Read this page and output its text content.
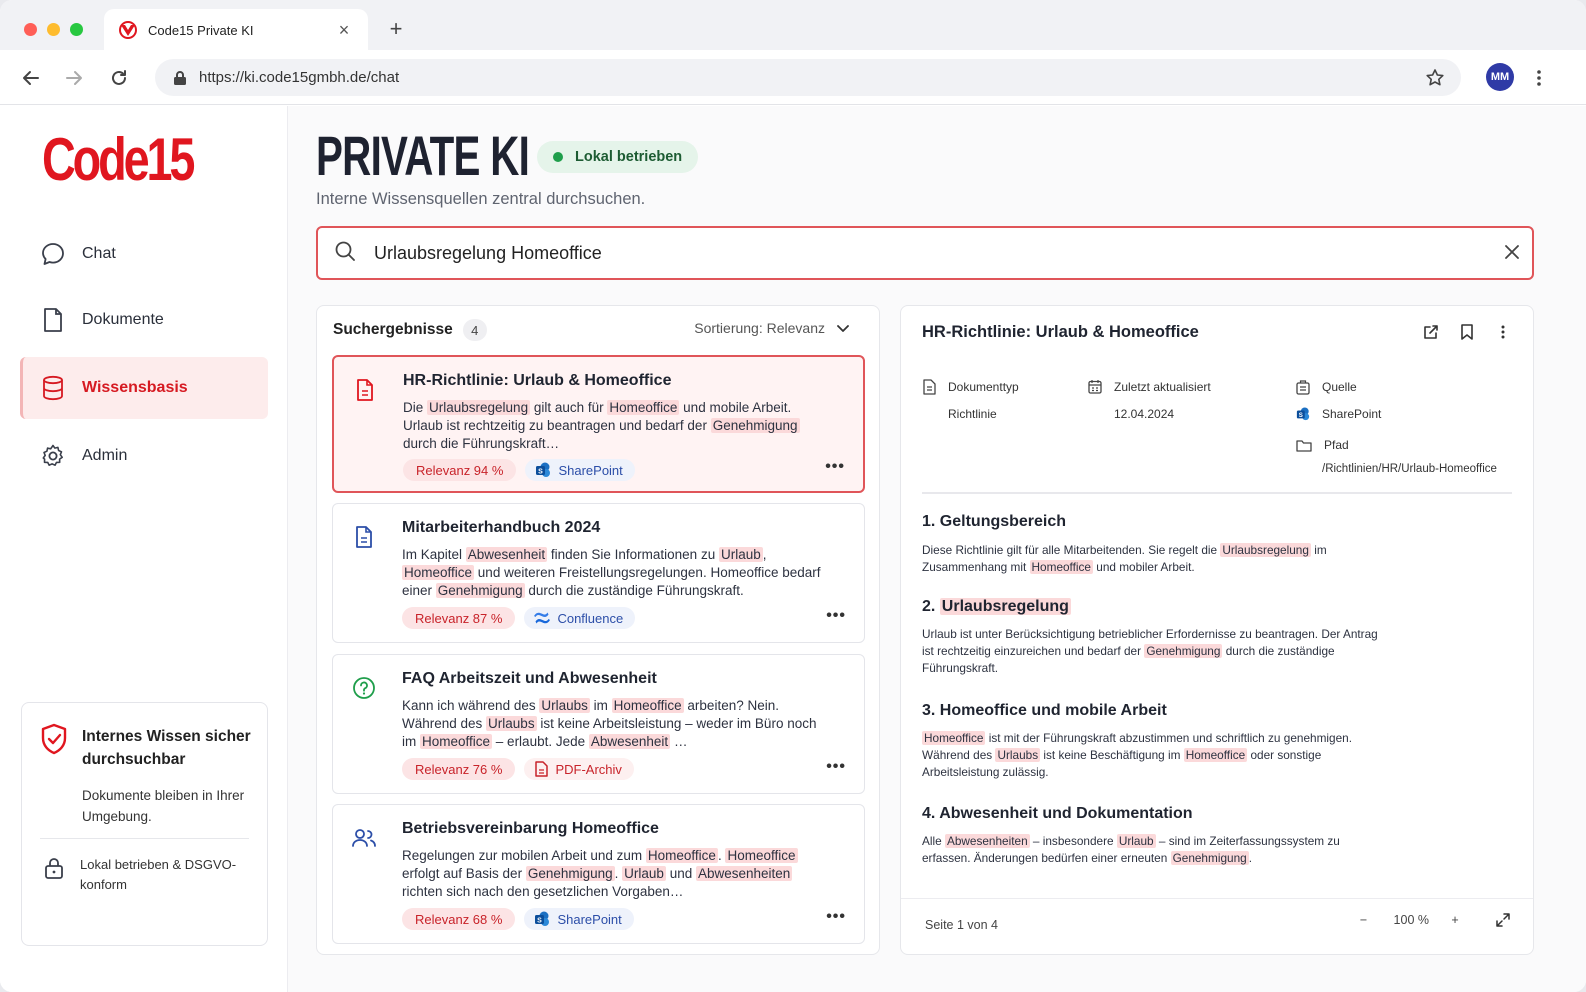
Code15 Private KI	× +
https://ki.code15gmbh.de/chat	MM
Code15
Chat
Dokumente
Wissensbasis
Admin
Internes Wissen sicher durchsuchbar
Dokumente bleiben in Ihrer Umgebung.
Lokal betrieben & DSGVO-konform
PRIVATE KI	Lokal betrieben
Interne Wissensquellen zentral durchsuchen.
Urlaubsregelung Homeoffice
Suchergebnisse	4	Sortierung: Relevanz
HR-Richtlinie: Urlaub & Homeoffice
Die Urlaubsregelung gilt auch für Homeoffice und mobile Arbeit. Urlaub ist rechtzeitig zu beantragen und bedarf der Genehmigung durch die Führungskraft…
Relevanz 94 %	S SharePoint	•••
Mitarbeiterhandbuch 2024
Im Kapitel Abwesenheit finden Sie Informationen zu Urlaub , Homeoffice und weiteren Freistellungsregelungen. Homeoffice bedarf einer Genehmigung durch die zuständige Führungskraft.
Relevanz 87 %	Confluence	•••
FAQ Arbeitszeit und Abwesenheit
Kann ich während des Urlaubs im Homeoffice arbeiten? Nein. Während des Urlaubs ist keine Arbeitsleistung – weder im Büro noch im Homeoffice – erlaubt. Jede Abwesenheit …
Relevanz 76 %	PDF-Archiv	•••
Betriebsvereinbarung Homeoffice
Regelungen zur mobilen Arbeit und zum Homeoffice . Homeoffice erfolgt auf Basis der Genehmigung . Urlaub und Abwesenheiten richten sich nach den gesetzlichen Vorgaben…
Relevanz 68 %	S SharePoint	•••
HR-Richtlinie: Urlaub & Homeoffice
Dokumenttyp
Richtlinie
Zuletzt aktualisiert
12.04.2024
Quelle
S SharePoint
Pfad
/Richtlinien/HR/Urlaub-Homeoffice
1. Geltungsbereich
Diese Richtlinie gilt für alle Mitarbeitenden. Sie regelt die Urlaubsregelung im Zusammenhang mit Homeoffice und mobiler Arbeit.
2. Urlaubsregelung
Urlaub ist unter Berücksichtigung betrieblicher Erfordernisse zu beantragen. Der Antrag ist rechtzeitig einzureichen und bedarf der Genehmigung durch die zuständige Führungskraft.
3. Homeoffice und mobile Arbeit
Homeoffice ist mit der Führungskraft abzustimmen und schriftlich zu genehmigen. Während des Urlaubs ist keine Beschäftigung im Homeoffice oder sonstige Arbeitsleistung zulässig.
4. Abwesenheit und Dokumentation
Alle Abwesenheiten – insbesondere Urlaub – sind im Zeiterfassungssystem zu erfassen. Änderungen bedürfen einer erneuten Genehmigung .
Seite 1 von 4	−	100 %	+
